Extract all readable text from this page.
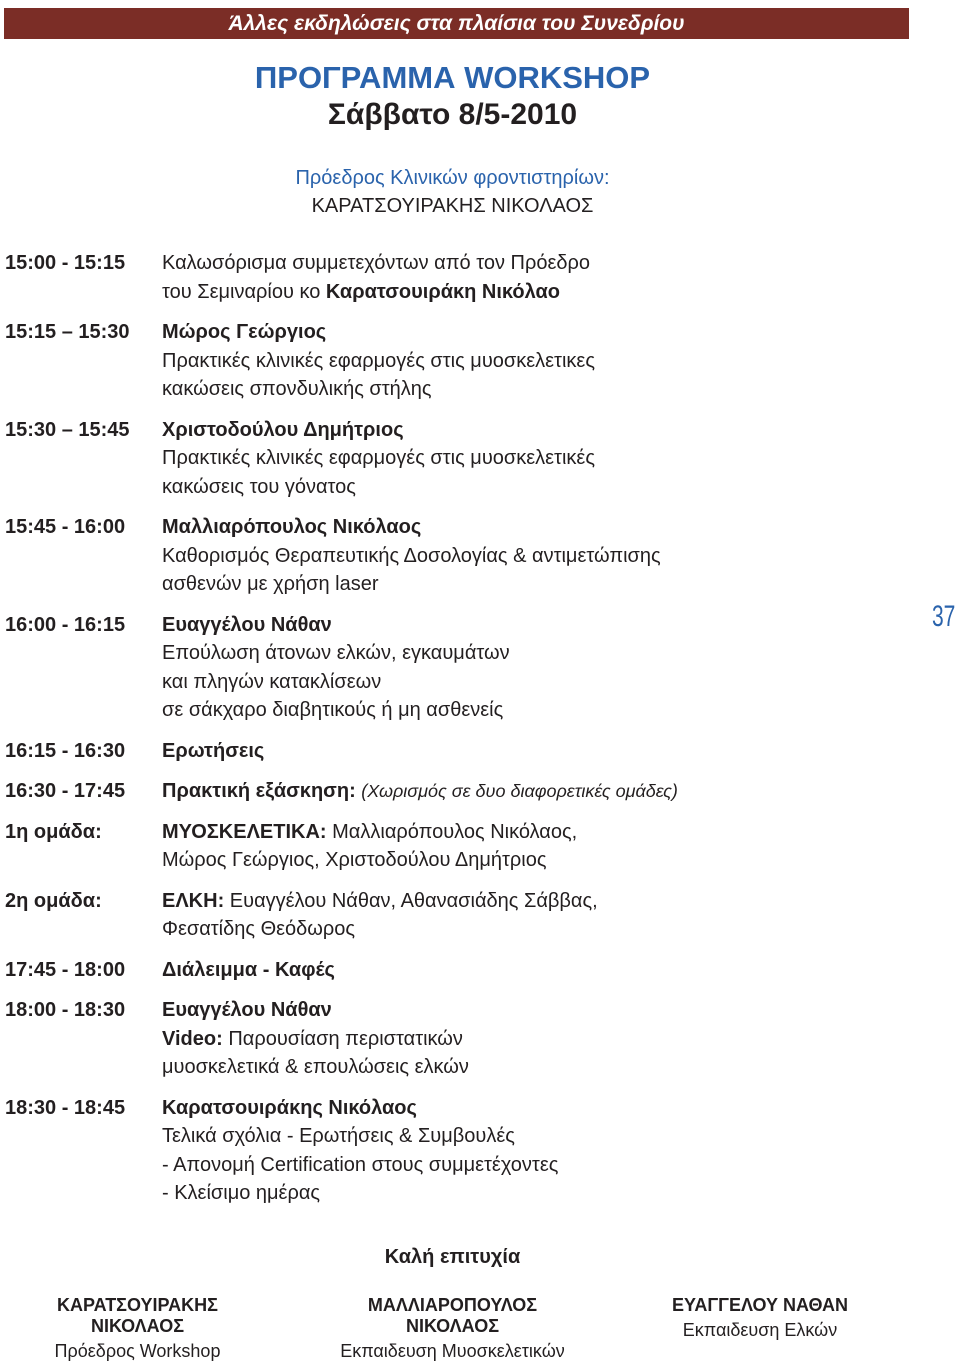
Άλλες εκδηλώσεις στα πλαίσια του Συνεδρίου
ΠΡΟΓΡΑΜΜΑ WORKSHOP
Σάββατο 8/5-2010
Πρόεδρος Κλινικών φροντιστηρίων:
ΚΑΡΑΤΣΟΥΙΡΑΚΗΣ ΝΙΚΟΛΑΟΣ
15:00 - 15:15	Καλωσόρισμα συμμετεχόντων από τον Πρόεδρο
του Σεμιναρίου κο Καρατσουιράκη Νικόλαο
15:15 – 15:30	Μώρος Γεώργιος
Πρακτικές κλινικές εφαρμογές στις μυοσκελετικες
κακώσεις σπονδυλικής στήλης
15:30 – 15:45	Χριστοδούλου Δημήτριος
Πρακτικές κλινικές εφαρμογές στις μυοσκελετικές
κακώσεις του γόνατος
15:45 - 16:00	Μαλλιαρόπουλος Νικόλαος
Καθορισμός Θεραπευτικής Δοσολογίας & αντιμετώπισης
ασθενών με χρήση laser
16:00 - 16:15	Ευαγγέλου Νάθαν
Επούλωση άτονων ελκών, εγκαυμάτων
και πληγών κατακλίσεων
σε σάκχαρο διαβητικούς ή μη ασθενείς
16:15 - 16:30	Ερωτήσεις
16:30 - 17:45	Πρακτική εξάσκηση: (Χωρισμός σε δυο διαφορετικές ομάδες)
1η ομάδα:	ΜΥΟΣΚΕΛΕΤΙΚΑ: Μαλλιαρόπουλος Νικόλαος,
Μώρος Γεώργιος, Χριστοδούλου Δημήτριος
2η ομάδα:	ΕΛΚΗ: Ευαγγέλου Νάθαν, Αθανασιάδης Σάββας,
Φεσατίδης Θεόδωρος
17:45 - 18:00	Διάλειμμα - Καφές
18:00 - 18:30	Ευαγγέλου Νάθαν
Video: Παρουσίαση περιστατικών
μυοσκελετικά & επουλώσεις ελκών
18:30 - 18:45	Καρατσουιράκης Νικόλαος
Τελικά σχόλια - Ερωτήσεις & Συμβουλές
- Απονομή Certification στους συμμετέχοντες
- Κλείσιμο ημέρας
37
Καλή επιτυχία
ΚΑΡΑΤΣΟΥΙΡΑΚΗΣ ΝΙΚΟΛΑΟΣ
Πρόεδρος Workshop
ΜΑΛΛΙΑΡΟΠΟΥΛΟΣ ΝΙΚΟΛΑΟΣ
Εκπαιδευση Μυοσκελετικών
ΕΥΑΓΓΕΛΟΥ ΝΑΘΑΝ
Εκπαιδευση Ελκών
